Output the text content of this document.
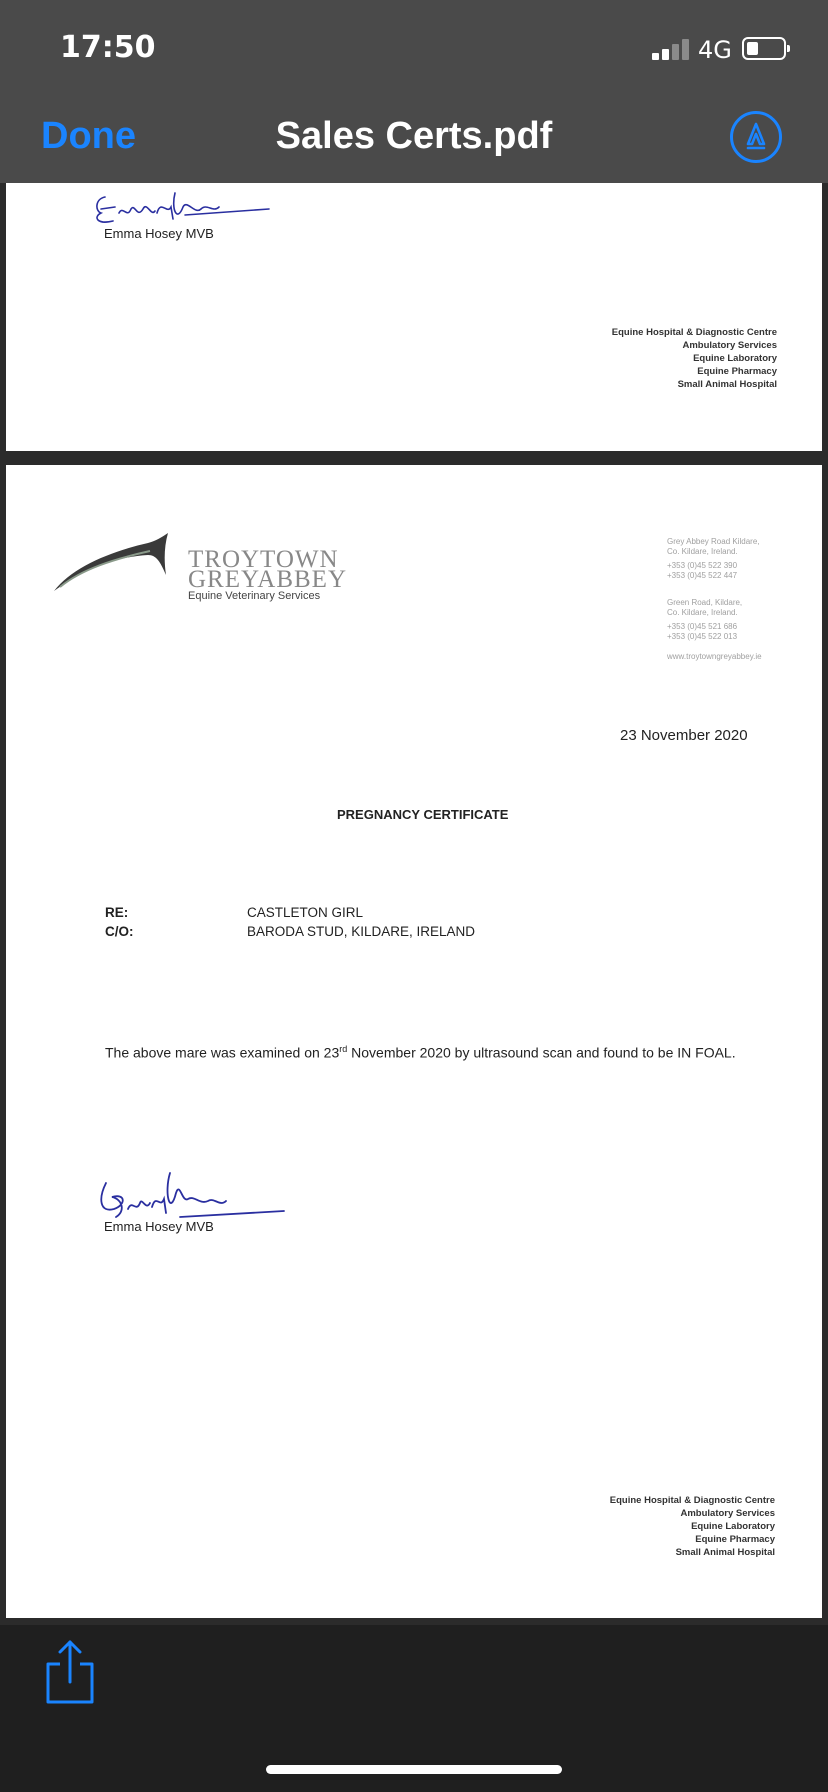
17:50	4G
Done	Sales Certs.pdf
Emma Hosey MVB
Equine Hospital & Diagnostic Centre
Ambulatory Services
Equine Laboratory
Equine Pharmacy
Small Animal Hospital
TROYTOWN
GREYABBEY
Equine Veterinary Services
Grey Abbey Road Kildare,
Co. Kildare, Ireland.
+353 (0)45 522 390
+353 (0)45 522 447
Green Road, Kildare,
Co. Kildare, Ireland.
+353 (0)45 521 686
+353 (0)45 522 013
www.troytowngreyabbey.ie
23 November 2020
PREGNANCY CERTIFICATE
RE:	CASTLETON GIRL
C/O:	BARODA STUD, KILDARE, IRELAND
The above mare was examined on 23rd November 2020 by ultrasound scan and found to be IN FOAL.
Emma Hosey MVB
Equine Hospital & Diagnostic Centre
Ambulatory Services
Equine Laboratory
Equine Pharmacy
Small Animal Hospital
